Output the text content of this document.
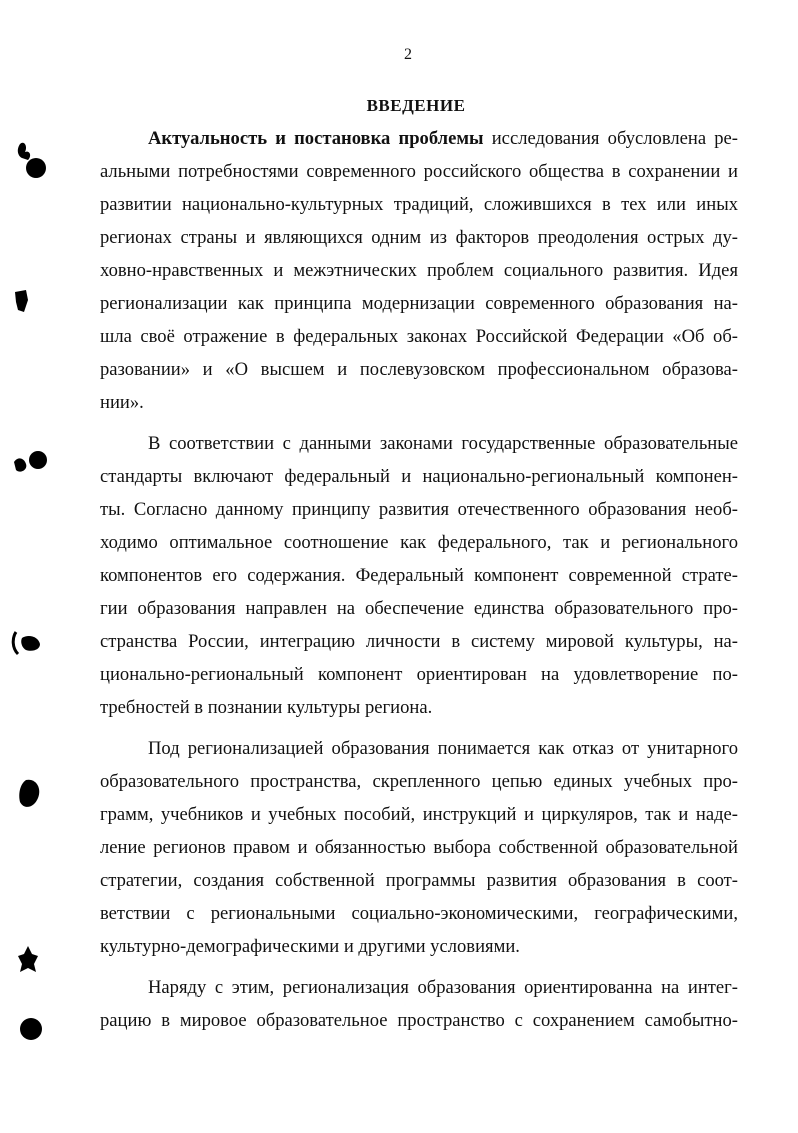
2
ВВЕДЕНИЕ

Актуальность и постановка проблемы исследования обусловлена ре-
альными потребностями современного российского общества в сохранении и
развитии национально-культурных традиций, сложившихся в тех или иных
регионах страны и являющихся одним из факторов преодоления острых ду-
ховно-нравственных и межэтнических проблем социального развития. Идея
регионализации как принципа модернизации современного образования на-
шла своё отражение в федеральных законах Российской Федерации «Об об-
разовании» и «О высшем и послевузовском профессиональном образова-
нии».

В соответствии с данными законами государственные образовательные
стандарты включают федеральный и национально-региональный компонен-
ты. Согласно данному принципу развития отечественного образования необ-
ходимо оптимальное соотношение как федерального, так и регионального
компонентов его содержания. Федеральный компонент современной страте-
гии образования направлен на обеспечение единства образовательного про-
странства России, интеграцию личности в систему мировой культуры, на-
ционально-региональный компонент ориентирован на удовлетворение по-
требностей в познании культуры региона.

Под регионализацией образования понимается как отказ от унитарного
образовательного пространства, скрепленного цепью единых учебных про-
грамм, учебников и учебных пособий, инструкций и циркуляров, так и наде-
ление регионов правом и обязанностью выбора собственной образовательной
стратегии, создания собственной программы развития образования в соот-
ветствии с региональными социально-экономическими, географическими,
культурно-демографическими и другими условиями.

Наряду с этим, регионализация образования ориентированна на интег-
рацию в мировое образовательное пространство с сохранением самобытно-
